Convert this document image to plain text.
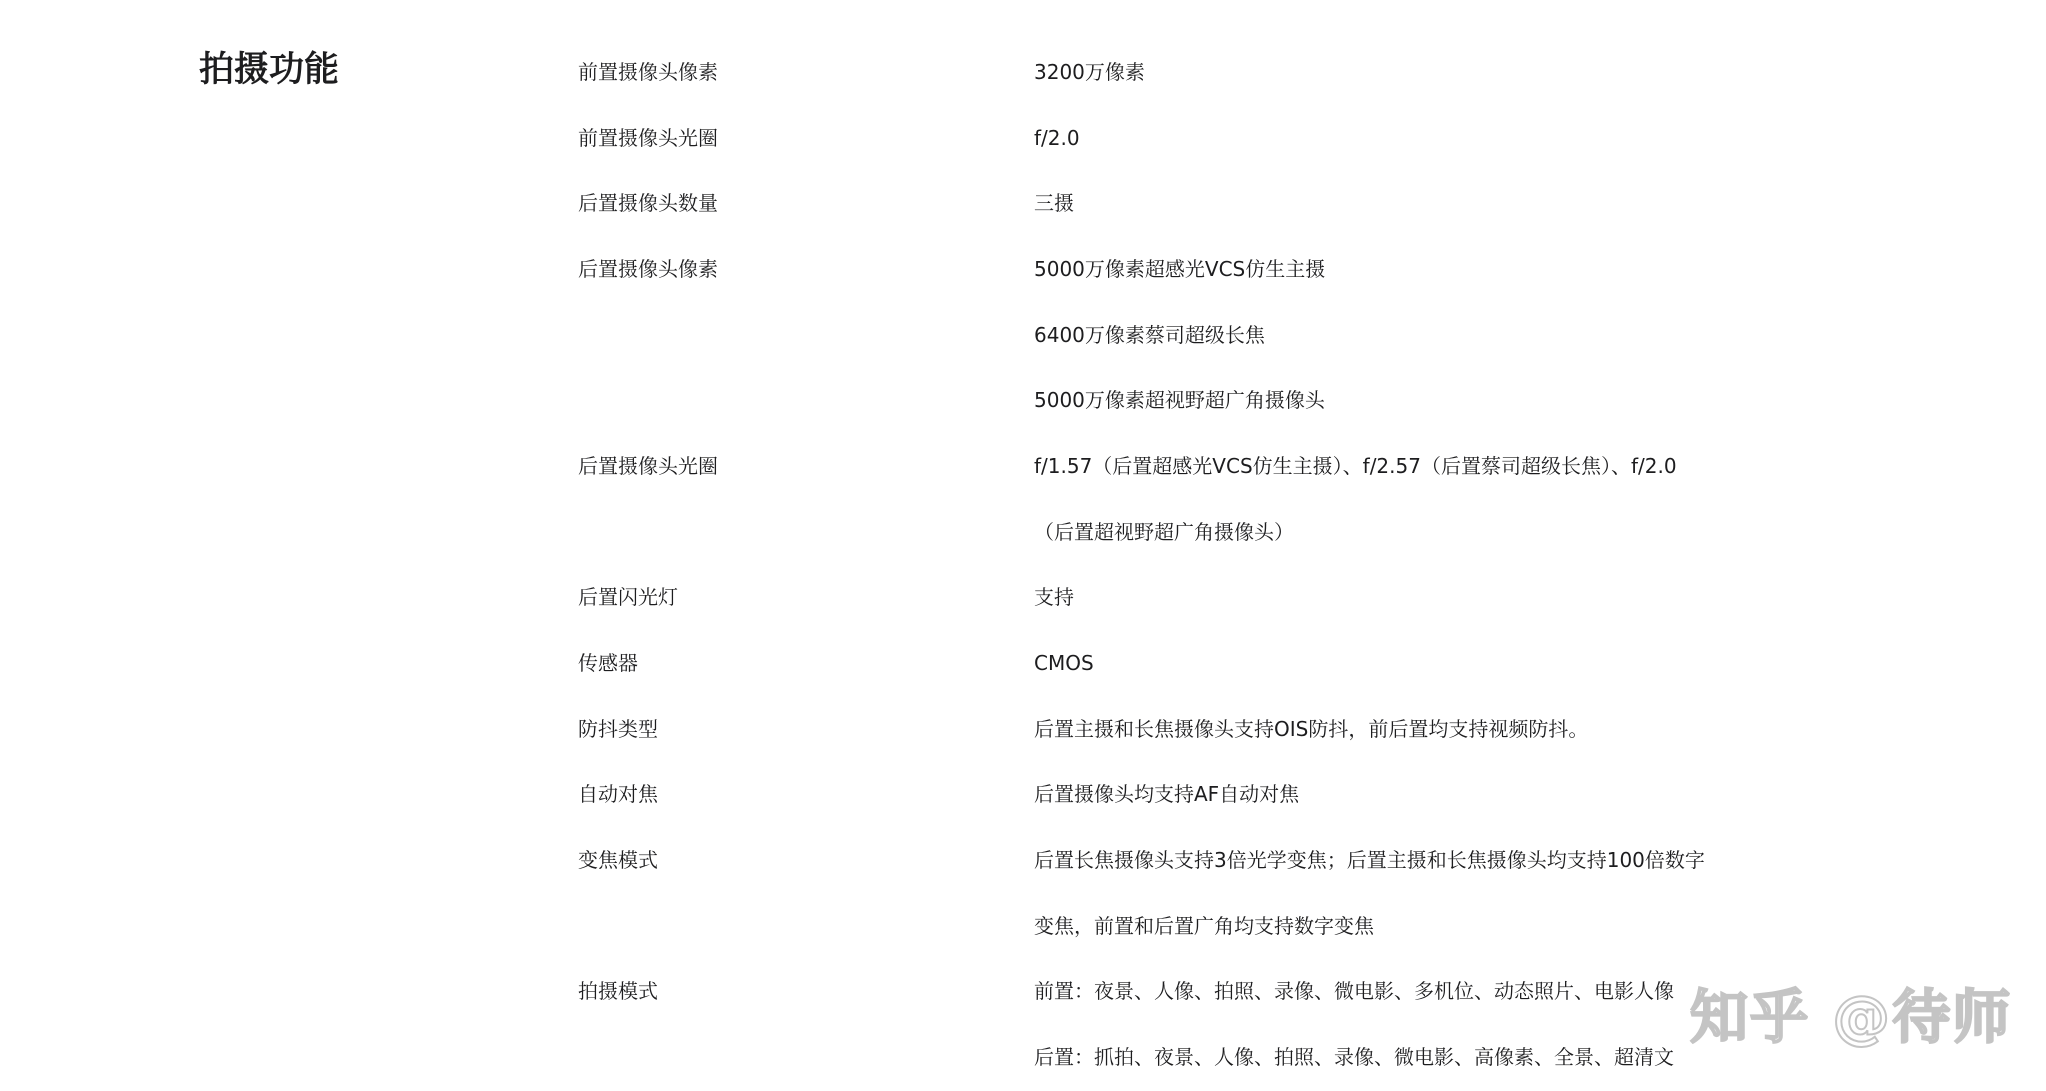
拍摄功能	前置摄像头像素	3200万像素
前置摄像头光圈	f/2.0
后置摄像头数量	三摄
后置摄像头像素	5000万像素超感光VCS仿生主摄
6400万像素蔡司超级长焦
5000万像素超视野超广角摄像头
后置摄像头光圈	f/1.57（后置超感光VCS仿生主摄）、f/2.57（后置蔡司超级长焦）、f/2.0
（后置超视野超广角摄像头）
后置闪光灯	支持
传感器	CMOS
防抖类型	后置主摄和长焦摄像头支持OIS防抖，前后置均支持视频防抖。
自动对焦	后置摄像头均支持AF自动对焦
变焦模式	后置长焦摄像头支持3倍光学变焦；后置主摄和长焦摄像头均支持100倍数字
变焦，前置和后置广角均支持数字变焦
拍摄模式	前置：夜景、人像、拍照、录像、微电影、多机位、动态照片、电影人像
后置：抓拍、夜景、人像、拍照、录像、微电影、高像素、全景、超清文
知乎 @待师
